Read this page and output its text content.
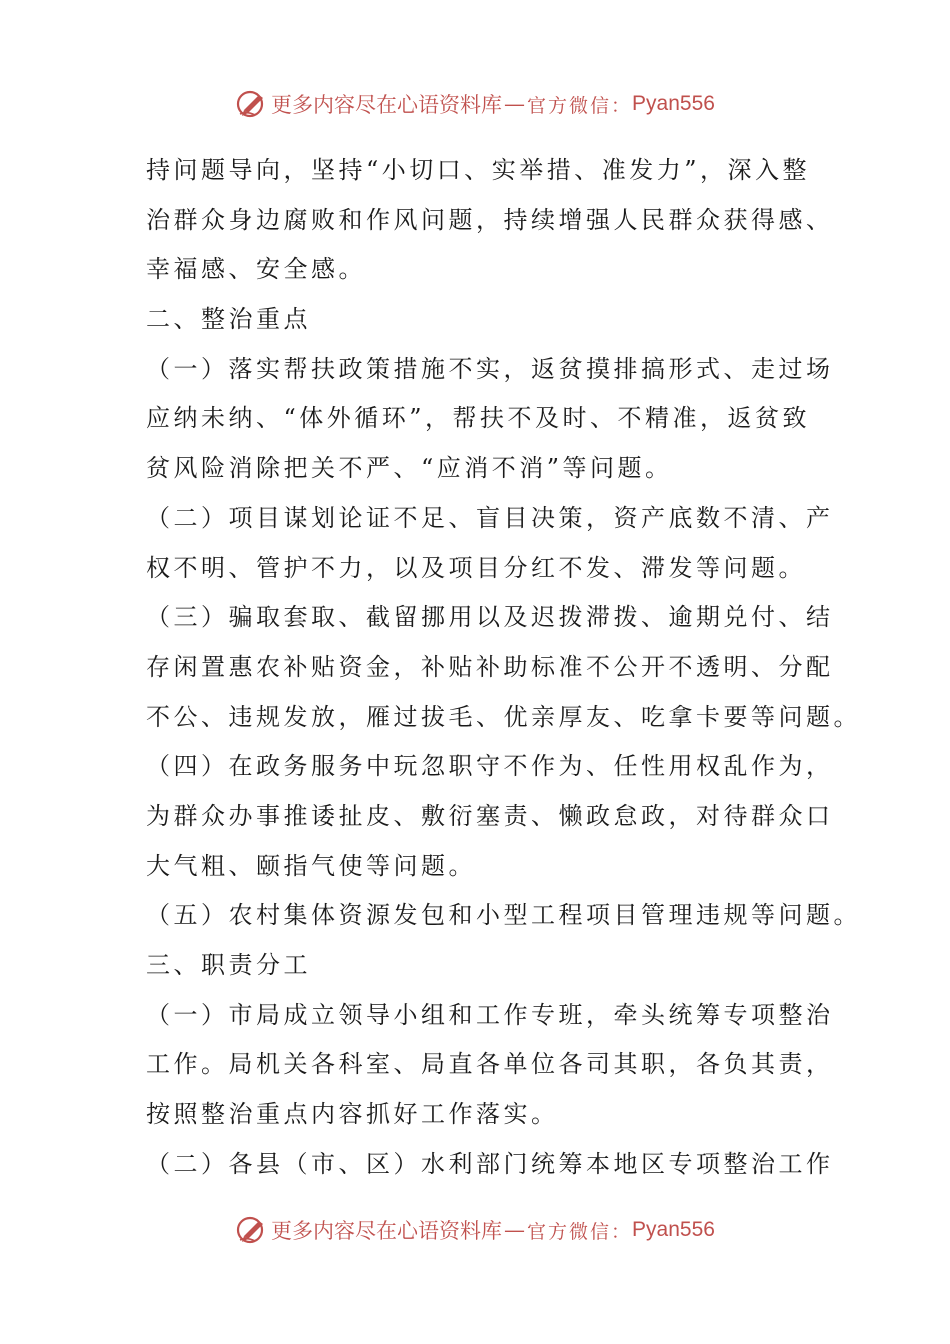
更多内容尽在心语资料库 — 官方微信： Pyan556
持问题导向，坚持“小切口、实举措、准发力”，深入整
治群众身边腐败和作风问题，持续增强人民群众获得感、
幸福感、安全感。
二、整治重点
（一）落实帮扶政策措施不实，返贫摸排搞形式、走过场
应纳未纳、“体外循环”，帮扶不及时、不精准，返贫致
贫风险消除把关不严、“应消不消”等问题。
（二）项目谋划论证不足、盲目决策，资产底数不清、产
权不明、管护不力，以及项目分红不发、滞发等问题。
（三）骗取套取、截留挪用以及迟拨滞拨、逾期兑付、结
存闲置惠农补贴资金，补贴补助标准不公开不透明、分配
不公、违规发放，雁过拔毛、优亲厚友、吃拿卡要等问题。
（四）在政务服务中玩忽职守不作为、任性用权乱作为，
为群众办事推诿扯皮、敷衍塞责、懒政怠政，对待群众口
大气粗、颐指气使等问题。
（五）农村集体资源发包和小型工程项目管理违规等问题。
三、职责分工
（一）市局成立领导小组和工作专班，牵头统筹专项整治
工作。局机关各科室、局直各单位各司其职，各负其责，
按照整治重点内容抓好工作落实。
（二）各县（市、区）水利部门统筹本地区专项整治工作
更多内容尽在心语资料库 — 官方微信： Pyan556
